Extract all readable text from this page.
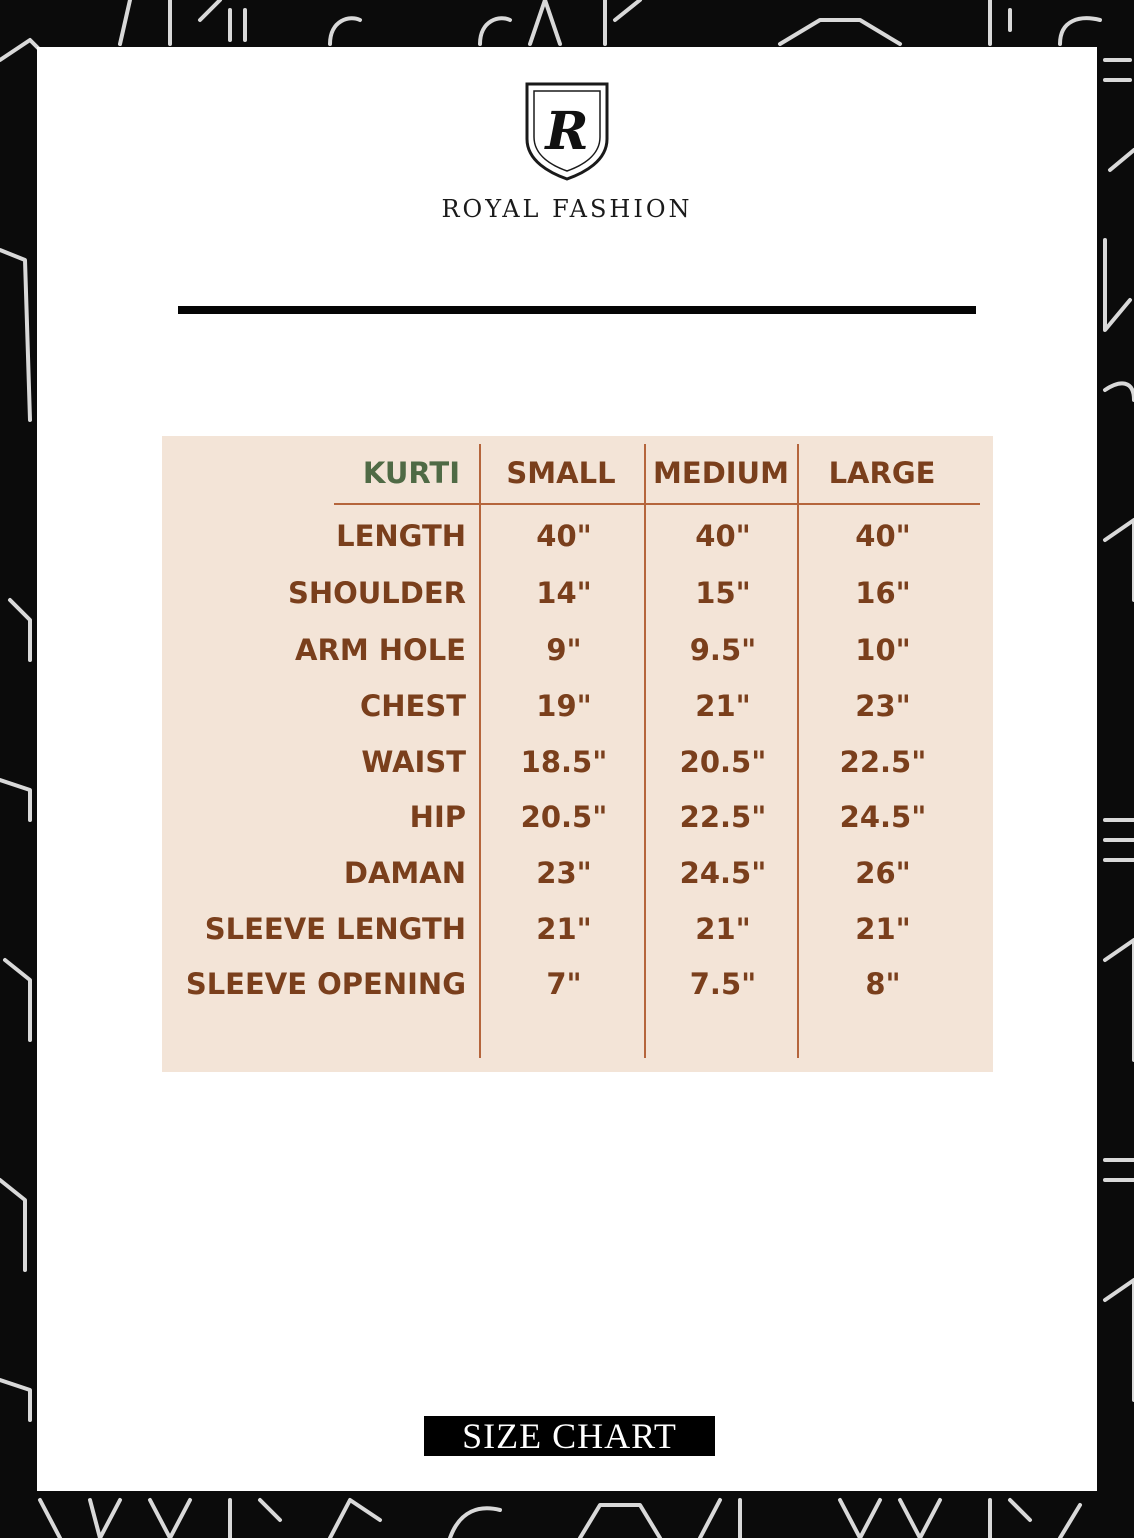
R
ROYAL FASHION
KURTI	SMALL	MEDIUM	LARGE
LENGTH	40"	40"	40"
SHOULDER	14"	15"	16"
ARM HOLE	9"	9.5"	10"
CHEST	19"	21"	23"
WAIST	18.5"	20.5"	22.5"
HIP	20.5"	22.5"	24.5"
DAMAN	23"	24.5"	26"
SLEEVE LENGTH	21"	21"	21"
SLEEVE OPENING	7"	7.5"	8"
SIZE CHART
